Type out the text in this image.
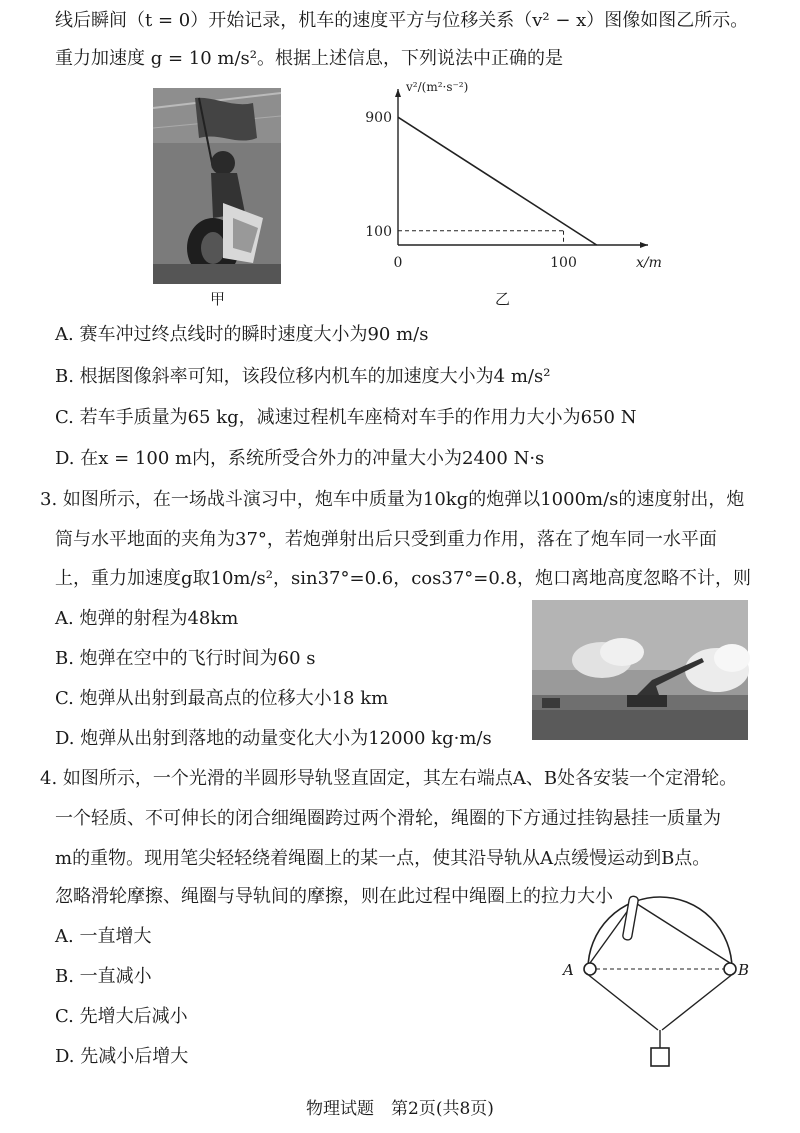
线后瞬间（t = 0）开始记录，机车的速度平方与位移关系（v² − x）图像如图乙所示。
重力加速度 g = 10 m/s²。根据上述信息，下列说法中正确的是
甲
900
100
0	100	x/m
v²/(m²·s⁻²)
乙
A. 赛车冲过终点线时的瞬时速度大小为90 m/s
B. 根据图像斜率可知，该段位移内机车的加速度大小为4 m/s²
C. 若车手质量为65 kg，减速过程机车座椅对车手的作用力大小为650 N
D. 在x = 100 m内，系统所受合外力的冲量大小为2400 N·s
3. 如图所示，在一场战斗演习中，炮车中质量为10kg的炮弹以1000m/s的速度射出，炮
筒与水平地面的夹角为37°，若炮弹射出后只受到重力作用，落在了炮车同一水平面
上，重力加速度g取10m/s²，sin37°=0.6，cos37°=0.8，炮口离地高度忽略不计，则
A. 炮弹的射程为48km
B. 炮弹在空中的飞行时间为60 s
C. 炮弹从出射到最高点的位移大小18 km
D. 炮弹从出射到落地的动量变化大小为12000 kg·m/s
4. 如图所示，一个光滑的半圆形导轨竖直固定，其左右端点A、B处各安装一个定滑轮。
一个轻质、不可伸长的闭合细绳圈跨过两个滑轮，绳圈的下方通过挂钩悬挂一质量为
m的重物。现用笔尖轻轻绕着绳圈上的某一点，使其沿导轨从A点缓慢运动到B点。
忽略滑轮摩擦、绳圈与导轨间的摩擦，则在此过程中绳圈上的拉力大小
A. 一直增大
B. 一直减小
C. 先增大后减小
D. 先减小后增大
A	B
物理试题　第2页(共8页)
